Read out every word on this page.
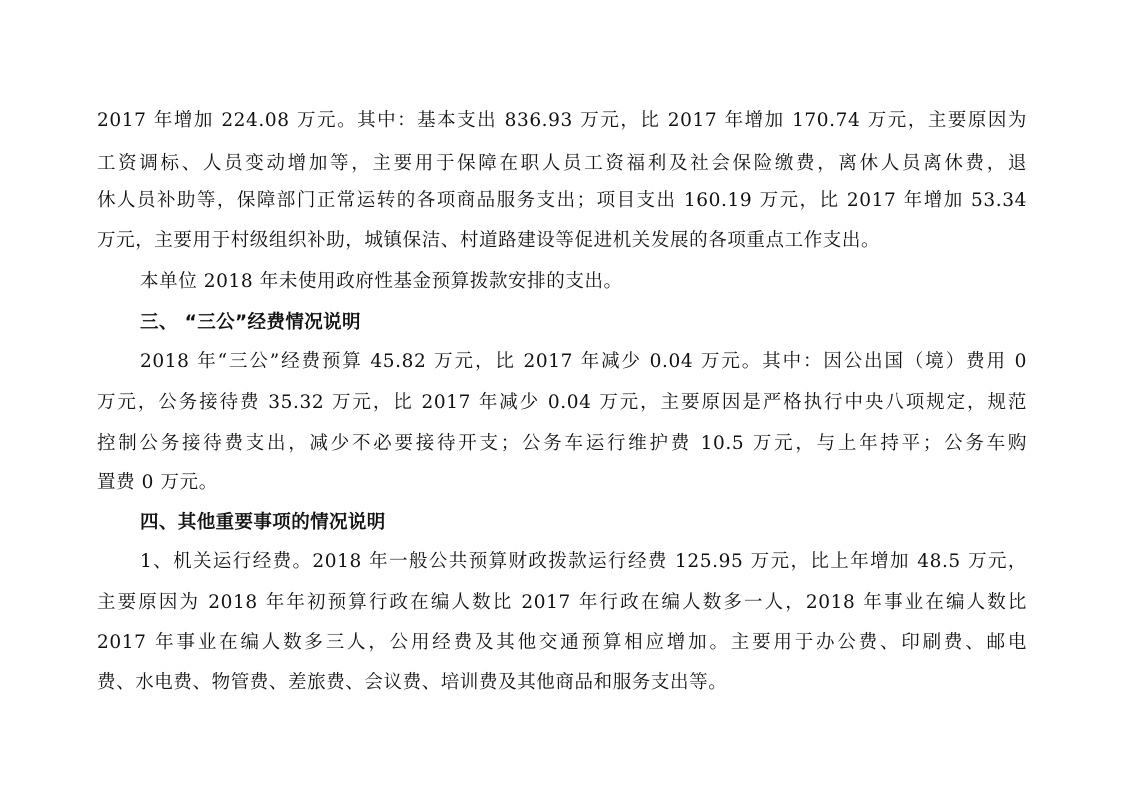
2017 年增加 224.08 万元。其中：基本支出 836.93 万元，比 2017 年增加 170.74 万元，主要原因为
工资调标、人员变动增加等，主要用于保障在职人员工资福利及社会保险缴费，离休人员离休费，退
休人员补助等，保障部门正常运转的各项商品服务支出；项目支出 160.19 万元，比 2017 年增加 53.34
万元，主要用于村级组织补助，城镇保洁、村道路建设等促进机关发展的各项重点工作支出。
本单位 2018 年未使用政府性基金预算拨款安排的支出。
三、 “三公”经费情况说明
2018 年“三公”经费预算 45.82 万元，比 2017 年减少 0.04 万元。其中：因公出国（境）费用 0
万元，公务接待费 35.32 万元，比 2017 年减少 0.04 万元，主要原因是严格执行中央八项规定，规范
控制公务接待费支出，减少不必要接待开支；公务车运行维护费 10.5 万元，与上年持平；公务车购
置费 0 万元。
四、其他重要事项的情况说明
1、机关运行经费。2018 年一般公共预算财政拨款运行经费 125.95 万元，比上年增加 48.5 万元，
主要原因为 2018 年年初预算行政在编人数比 2017 年行政在编人数多一人，2018 年事业在编人数比
2017 年事业在编人数多三人，公用经费及其他交通预算相应增加。主要用于办公费、印刷费、邮电
费、水电费、物管费、差旅费、会议费、培训费及其他商品和服务支出等。
